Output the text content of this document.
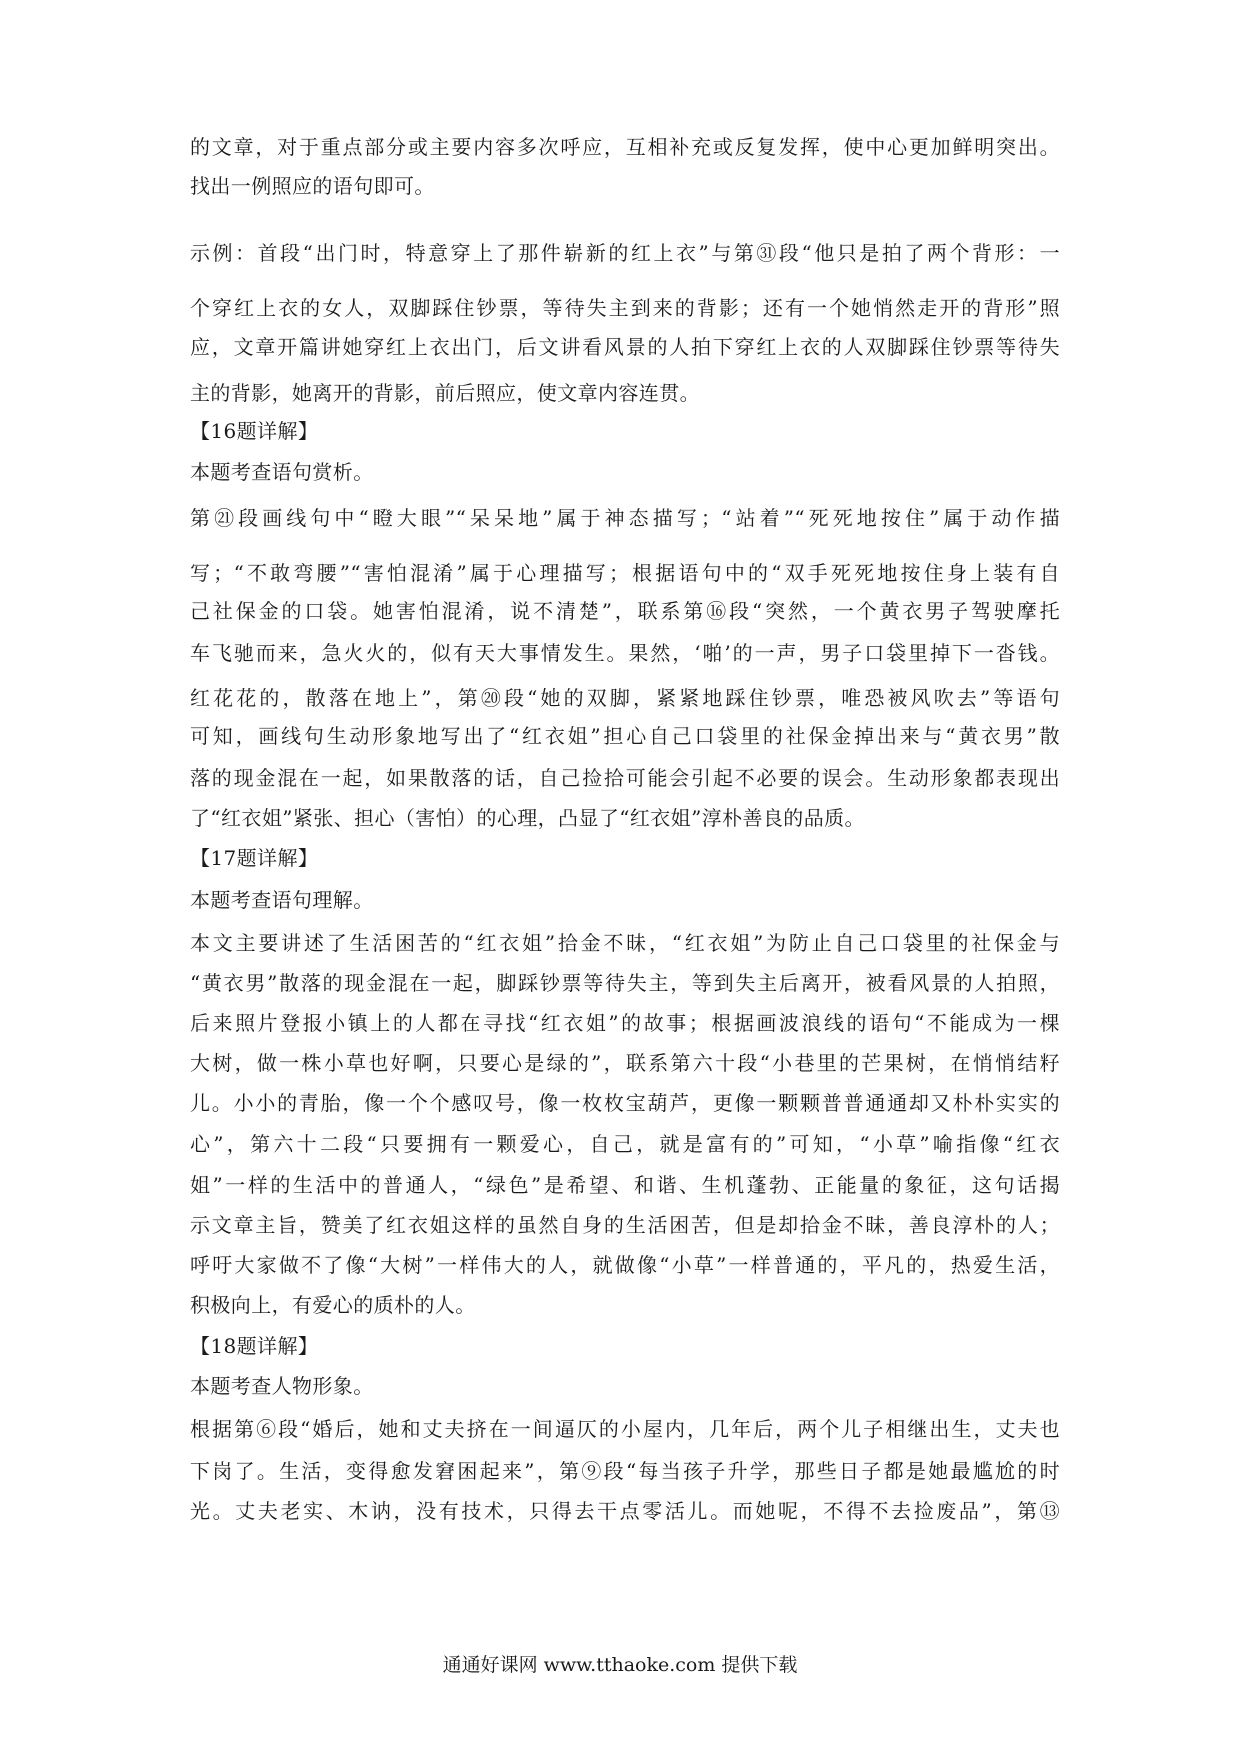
的文章，对于重点部分或主要内容多次呼应，互相补充或反复发挥，使中心更加鲜明突出。
找出一例照应的语句即可。
示例：首段“出门时，特意穿上了那件崭新的红上衣”与第㉛段“他只是拍了两个背形：一
个穿红上衣的女人，双脚踩住钞票，等待失主到来的背影；还有一个她悄然走开的背形”照
应，文章开篇讲她穿红上衣出门，后文讲看风景的人拍下穿红上衣的人双脚踩住钞票等待失
主的背影，她离开的背影，前后照应，使文章内容连贯。
【16题详解】
本题考查语句赏析。
第㉑段画线句中“瞪大眼”“呆呆地”属于神态描写；“站着”“死死地按住”属于动作描
写；“不敢弯腰”“害怕混淆”属于心理描写；根据语句中的“双手死死地按住身上装有自
己社保金的口袋。她害怕混淆，说不清楚”，联系第⑯段“突然，一个黄衣男子驾驶摩托
车飞驰而来，急火火的，似有天大事情发生。果然，‘啪’的一声，男子口袋里掉下一沓钱。
红花花的，散落在地上”，第⑳段“她的双脚，紧紧地踩住钞票，唯恐被风吹去”等语句
可知，画线句生动形象地写出了“红衣姐”担心自己口袋里的社保金掉出来与“黄衣男”散
落的现金混在一起，如果散落的话，自己捡拾可能会引起不必要的误会。生动形象都表现出
了“红衣姐”紧张、担心（害怕）的心理，凸显了“红衣姐”淳朴善良的品质。
【17题详解】
本题考查语句理解。
本文主要讲述了生活困苦的“红衣姐”拾金不昧，“红衣姐”为防止自己口袋里的社保金与
“黄衣男”散落的现金混在一起，脚踩钞票等待失主，等到失主后离开，被看风景的人拍照，
后来照片登报小镇上的人都在寻找“红衣姐”的故事；根据画波浪线的语句“不能成为一棵
大树，做一株小草也好啊，只要心是绿的”，联系第六十段“小巷里的芒果树，在悄悄结籽
儿。小小的青胎，像一个个感叹号，像一枚枚宝葫芦，更像一颗颗普普通通却又朴朴实实的
心”，第六十二段“只要拥有一颗爱心，自己，就是富有的”可知，“小草”喻指像“红衣
姐”一样的生活中的普通人，“绿色”是希望、和谐、生机蓬勃、正能量的象征，这句话揭
示文章主旨，赞美了红衣姐这样的虽然自身的生活困苦，但是却拾金不昧，善良淳朴的人；
呼吁大家做不了像“大树”一样伟大的人，就做像“小草”一样普通的，平凡的，热爱生活，
积极向上，有爱心的质朴的人。
【18题详解】
本题考查人物形象。
根据第⑥段“婚后，她和丈夫挤在一间逼仄的小屋内，几年后，两个儿子相继出生，丈夫也
下岗了。生活，变得愈发窘困起来”，第⑨段“每当孩子升学，那些日子都是她最尴尬的时
光。丈夫老实、木讷，没有技术，只得去干点零活儿。而她呢，不得不去捡废品”，第⑬
通通好课网 www.tthaoke.com 提供下载
